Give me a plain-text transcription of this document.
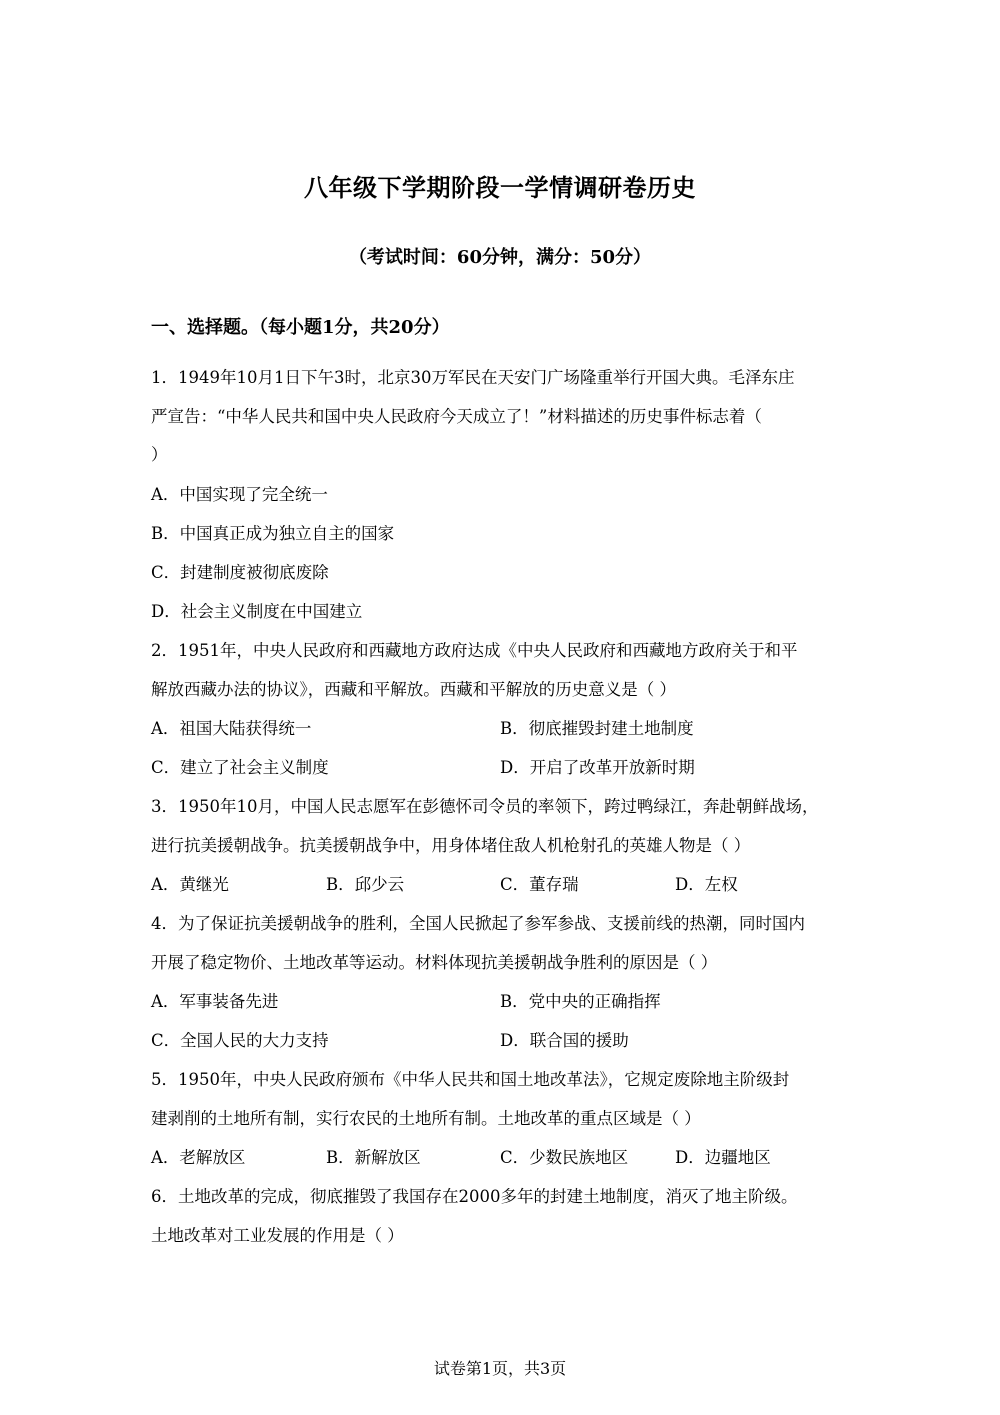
八年级下学期阶段一学情调研卷历史
（考试时间：60分钟，满分：50分）
一、选择题。（每小题1分，共20分）
1．1949年10月1日下午3时，北京30万军民在天安门广场隆重举行开国大典。毛泽东庄
严宣告：“中华人民共和国中央人民政府今天成立了！”材料描述的历史事件标志着（
）
A．中国实现了完全统一
B．中国真正成为独立自主的国家
C．封建制度被彻底废除
D．社会主义制度在中国建立
2．1951年，中央人民政府和西藏地方政府达成《中央人民政府和西藏地方政府关于和平
解放西藏办法的协议》，西藏和平解放。西藏和平解放的历史意义是（ ）
A．祖国大陆获得统一	B．彻底摧毁封建土地制度
C．建立了社会主义制度	D．开启了改革开放新时期
3．1950年10月，中国人民志愿军在彭德怀司令员的率领下，跨过鸭绿江，奔赴朝鲜战场，
进行抗美援朝战争。抗美援朝战争中，用身体堵住敌人机枪射孔的英雄人物是（ ）
A．黄继光	B．邱少云	C．董存瑞	D．左权
4．为了保证抗美援朝战争的胜利，全国人民掀起了参军参战、支援前线的热潮，同时国内
开展了稳定物价、土地改革等运动。材料体现抗美援朝战争胜利的原因是（ ）
A．军事装备先进	B．党中央的正确指挥
C．全国人民的大力支持	D．联合国的援助
5．1950年，中央人民政府颁布《中华人民共和国土地改革法》，它规定废除地主阶级封
建剥削的土地所有制，实行农民的土地所有制。土地改革的重点区域是（ ）
A．老解放区	B．新解放区	C．少数民族地区	D．边疆地区
6．土地改革的完成，彻底摧毁了我国存在2000多年的封建土地制度，消灭了地主阶级。
土地改革对工业发展的作用是（ ）
试卷第1页，共3页
